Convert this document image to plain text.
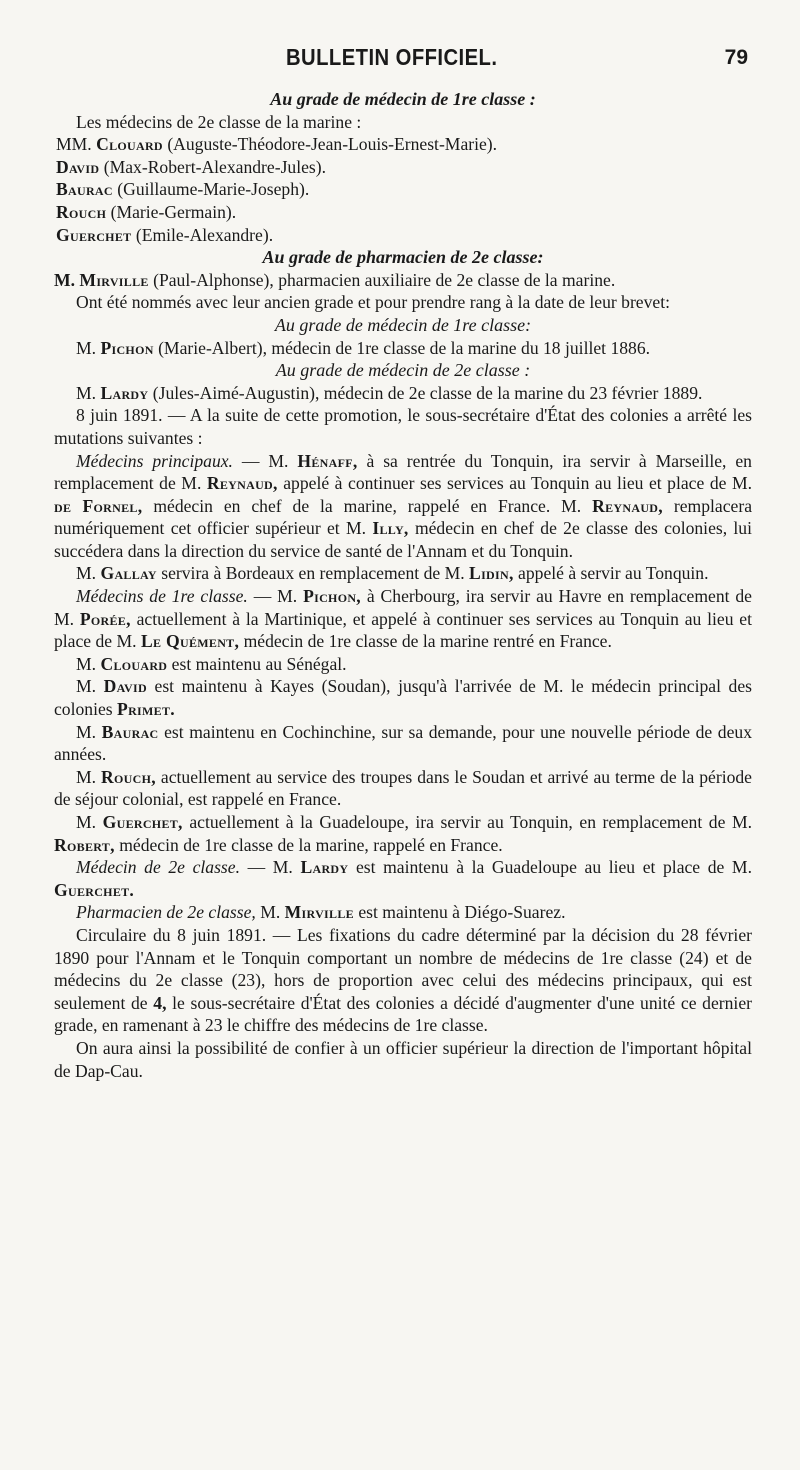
BULLETIN OFFICIEL.	79

Au grade de médecin de 1re classe :

Les médecins de 2e classe de la marine :

MM. Clouard (Auguste-Théodore-Jean-Louis-Ernest-Marie).

David (Max-Robert-Alexandre-Jules).

Baurac (Guillaume-Marie-Joseph).

Rouch (Marie-Germain).

Guerchet (Emile-Alexandre).

Au grade de pharmacien de 2e classe:

M. Mirville (Paul-Alphonse), pharmacien auxiliaire de 2e classe de la marine.

Ont été nommés avec leur ancien grade et pour prendre rang à la date de leur brevet:

Au grade de médecin de 1re classe:

M. Pichon (Marie-Albert), médecin de 1re classe de la marine du 18 juillet 1886.

Au grade de médecin de 2e classe :

M. Lardy (Jules-Aimé-Augustin), médecin de 2e classe de la marine du 23 février 1889.

8 juin 1891. — A la suite de cette promotion, le sous-secrétaire d'État des colonies a arrêté les mutations suivantes :

Médecins principaux. — M. Hénaff, à sa rentrée du Tonquin, ira servir à Marseille, en remplacement de M. Reynaud, appelé à continuer ses services au Tonquin au lieu et place de M. de Fornel, médecin en chef de la marine, rappelé en France. M. Reynaud, remplacera numériquement cet officier supérieur et M. Illy, médecin en chef de 2e classe des colonies, lui succédera dans la direction du service de santé de l'Annam et du Tonquin.

M. Gallay servira à Bordeaux en remplacement de M. Lidin, appelé à servir au Tonquin.

Médecins de 1re classe. — M. Pichon, à Cherbourg, ira servir au Havre en remplacement de M. Porée, actuellement à la Martinique, et appelé à continuer ses services au Tonquin au lieu et place de M. Le Quément, médecin de 1re classe de la marine rentré en France.

M. Clouard est maintenu au Sénégal.

M. David est maintenu à Kayes (Soudan), jusqu'à l'arrivée de M. le médecin principal des colonies Primet.

M. Baurac est maintenu en Cochinchine, sur sa demande, pour une nouvelle période de deux années.

M. Rouch, actuellement au service des troupes dans le Soudan et arrivé au terme de la période de séjour colonial, est rappelé en France.

M. Guerchet, actuellement à la Guadeloupe, ira servir au Tonquin, en remplacement de M. Robert, médecin de 1re classe de la marine, rappelé en France.

Médecin de 2e classe. — M. Lardy est maintenu à la Guadeloupe au lieu et place de M. Guerchet.

Pharmacien de 2e classe, M. Mirville est maintenu à Diégo-Suarez.

Circulaire du 8 juin 1891. — Les fixations du cadre déterminé par la décision du 28 février 1890 pour l'Annam et le Tonquin comportant un nombre de médecins de 1re classe (24) et de médecins du 2e classe (23), hors de proportion avec celui des médecins principaux, qui est seulement de 4, le sous-secrétaire d'État des colonies a décidé d'augmenter d'une unité ce dernier grade, en ramenant à 23 le chiffre des médecins de 1re classe.

On aura ainsi la possibilité de confier à un officier supérieur la direction de l'important hôpital de Dap-Cau.
